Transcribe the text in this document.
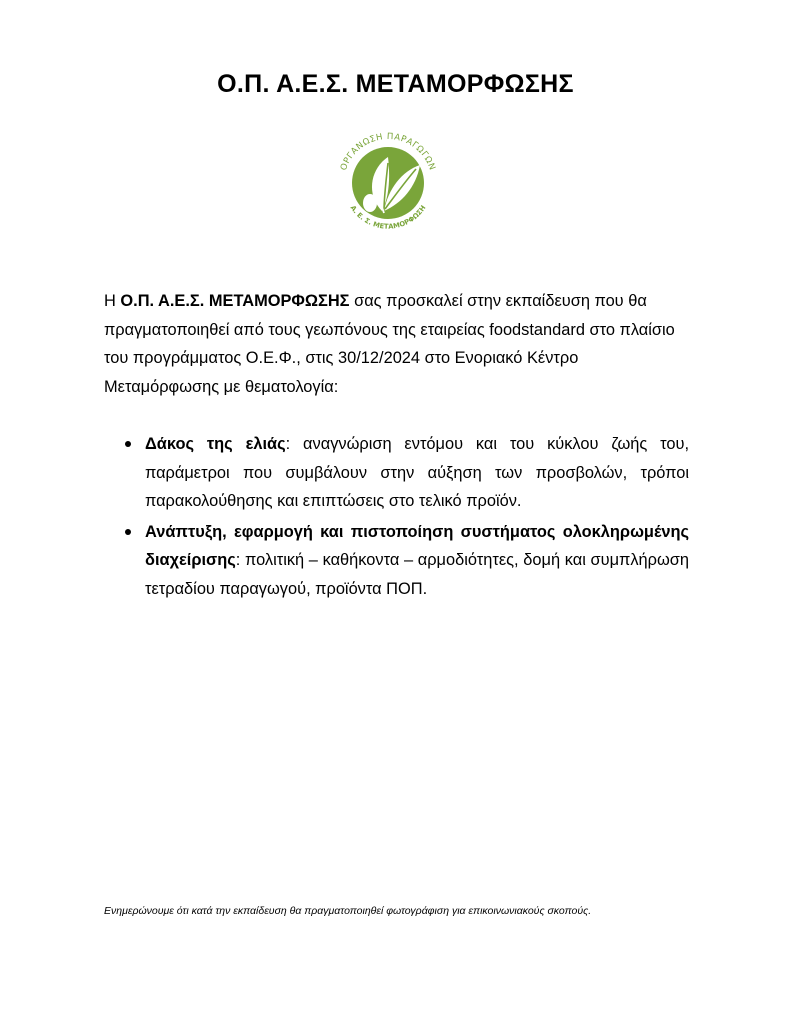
Ο.Π. Α.Ε.Σ. ΜΕΤΑΜΟΡΦΩΣΗΣ
ΟΡΓΑΝΩΣΗ ΠΑΡΑΓΩΓΩΝ
Α. Ε. Σ. ΜΕΤΑΜΟΡΦΩΣΗ

Η Ο.Π. Α.Ε.Σ. ΜΕΤΑΜΟΡΦΩΣΗΣ σας προσκαλεί στην εκπαίδευση που θα πραγματοποιηθεί από τους γεωπόνους της εταιρείας foodstandard στο πλαίσιο του προγράμματος Ο.Ε.Φ., στις 30/12/2024 στο Ενοριακό Κέντρο Μεταμόρφωσης με θεματολογία:

Δάκος της ελιάς: αναγνώριση εντόμου και του κύκλου ζωής του, παράμετροι που συμβάλουν στην αύξηση των προσβολών, τρόποι παρακολούθησης και επιπτώσεις στο τελικό προϊόν.
Ανάπτυξη, εφαρμογή και πιστοποίηση συστήματος ολοκληρωμένης διαχείρισης: πολιτική – καθήκοντα – αρμοδιότητες, δομή και συμπλήρωση τετραδίου παραγωγού, προϊόντα ΠΟΠ.
Ενημερώνουμε ότι κατά την εκπαίδευση θα πραγματοποιηθεί φωτογράφιση για επικοινωνιακούς σκοπούς.
